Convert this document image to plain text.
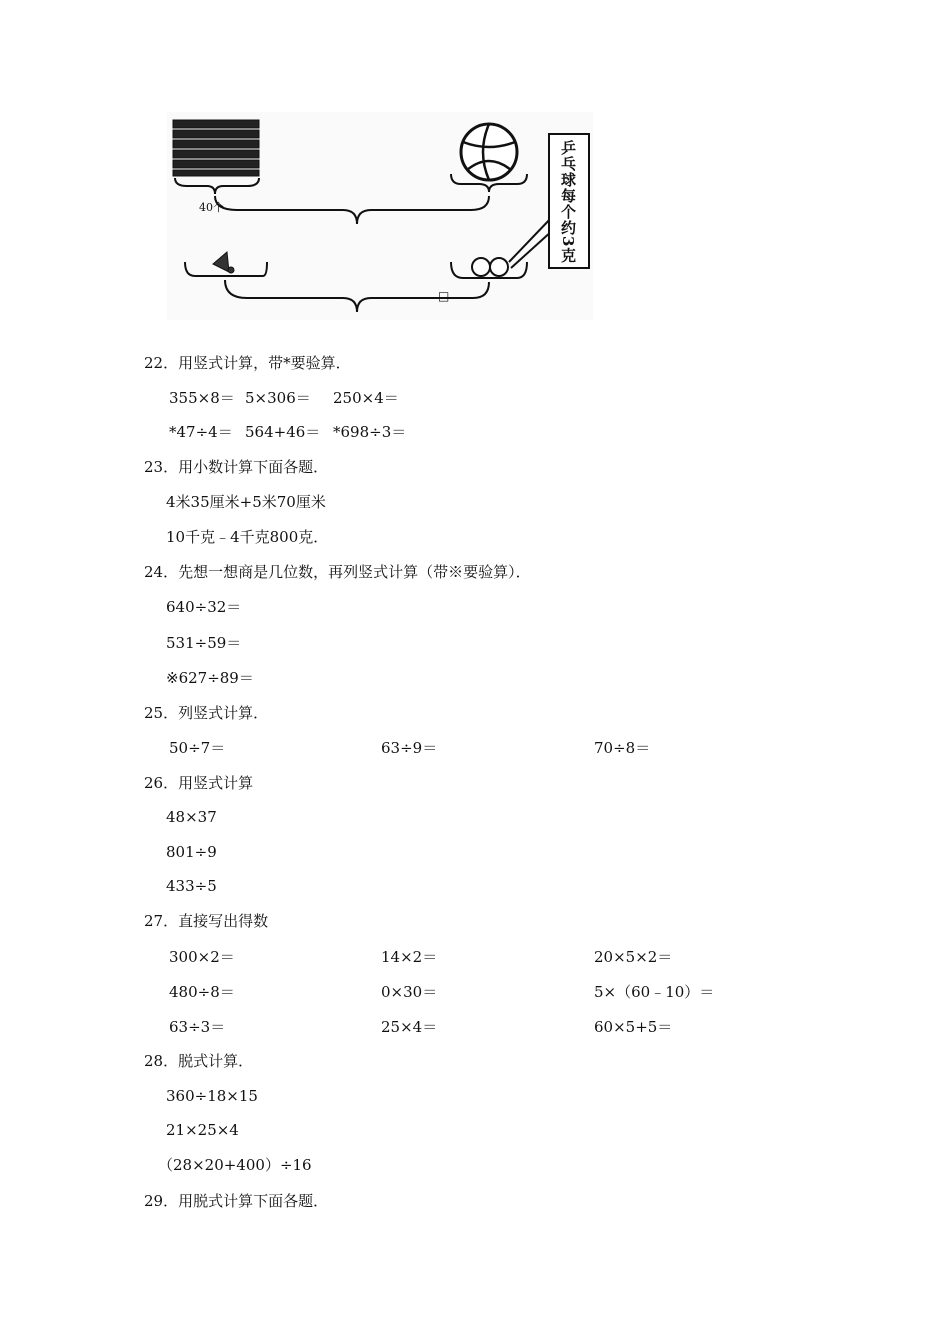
40个	乒乓球每个约3克
□
22．用竖式计算，带*要验算．
355×8＝ 5×306＝ 250×4＝
*47÷4＝ 564+46＝ *698÷3＝
23．用小数计算下面各题．
4米35厘米+5米70厘米
10千克﹣4千克800克．
24．先想一想商是几位数，再列竖式计算（带※要验算）．
640÷32＝
531÷59＝
※627÷89＝
25．列竖式计算．
50÷7＝	63÷9＝	70÷8＝
26．用竖式计算
48×37
801÷9
433÷5
27．直接写出得数
300×2＝	14×2＝	20×5×2＝
480÷8＝	0×30＝	5×（60﹣10）＝
63÷3＝	25×4＝	60×5+5＝
28．脱式计算．
360÷18×15
21×25×4
（28×20+400）÷16
29．用脱式计算下面各题．
